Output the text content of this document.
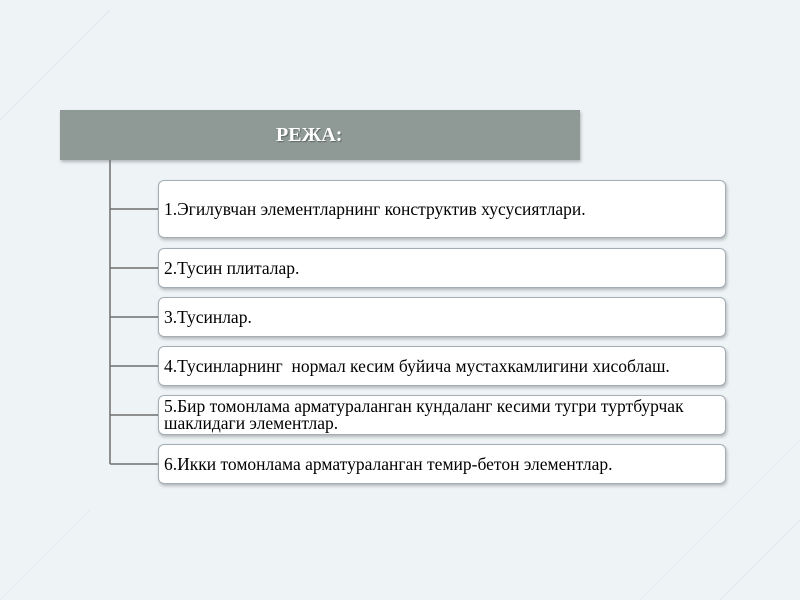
РЕЖА:
1.Эгилувчан элементларнинг конструктив хусусиятлари.
2.Тусин плиталар.
3.Тусинлар.
4.Тусинларнинг  нормал кесим буйича мустахкамлигини хисоблаш.
5.Бир томонлама арматураланган кундаланг кесими тугри туртбурчак шаклидаги элементлар.
6.Икки томонлама арматураланган темир-бетон элементлар.
